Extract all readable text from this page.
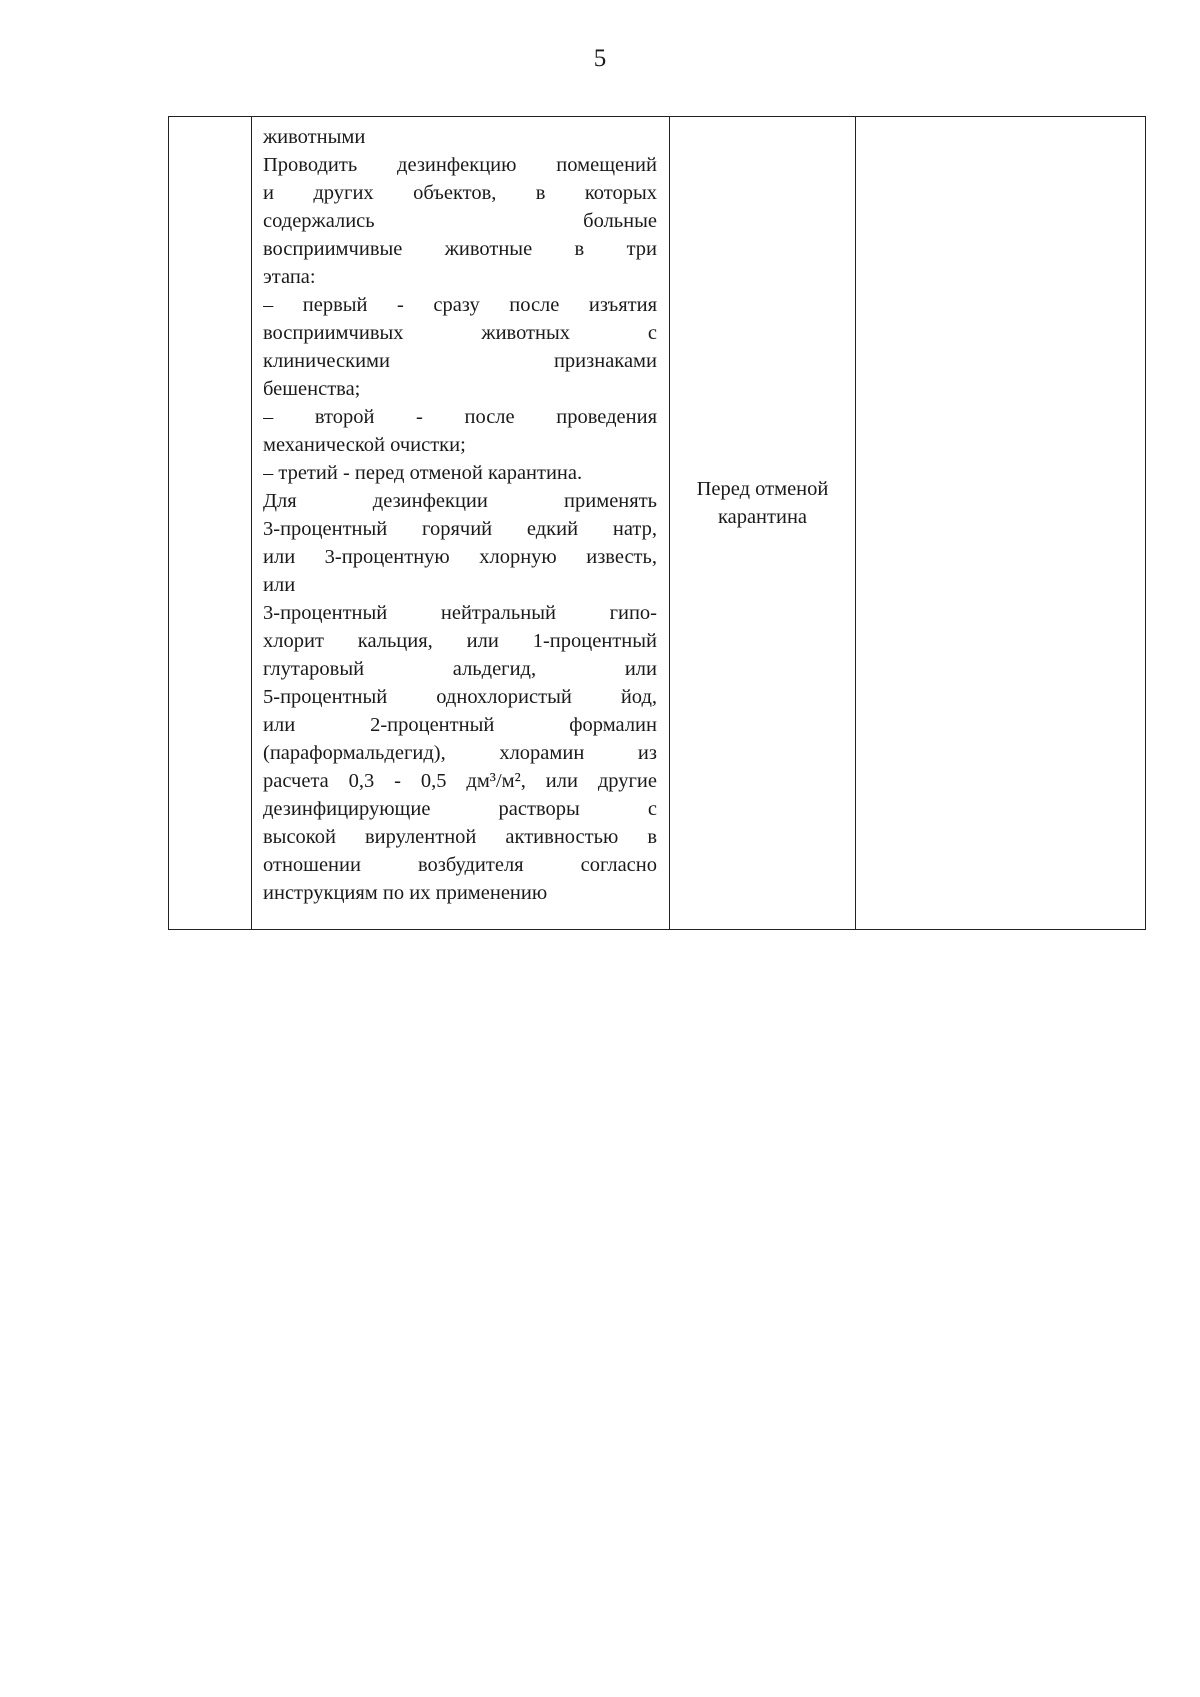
5
животными
Проводить дезинфекцию помещений
и других объектов, в которых
содержались больные
восприимчивые животные в три
этапа:
– первый - сразу после изъятия
восприимчивых животных с
клиническими признаками
бешенства;
– второй - после проведения
механической очистки;
– третий - перед отменой карантина.
Для дезинфекции применять
3-процентный горячий едкий натр,
или 3-процентную хлорную известь,
или
3-процентный нейтральный гипо-
хлорит кальция, или 1-процентный
глутаровый альдегид, или
5-процентный однохлористый йод,
или 2-процентный формалин
(параформальдегид), хлорамин из
расчета 0,3 - 0,5 дм³/м², или другие
дезинфицирующие растворы с
высокой вирулентной активностью в
отношении возбудителя согласно
инструкциям по их применению
Перед отменой
карантина
